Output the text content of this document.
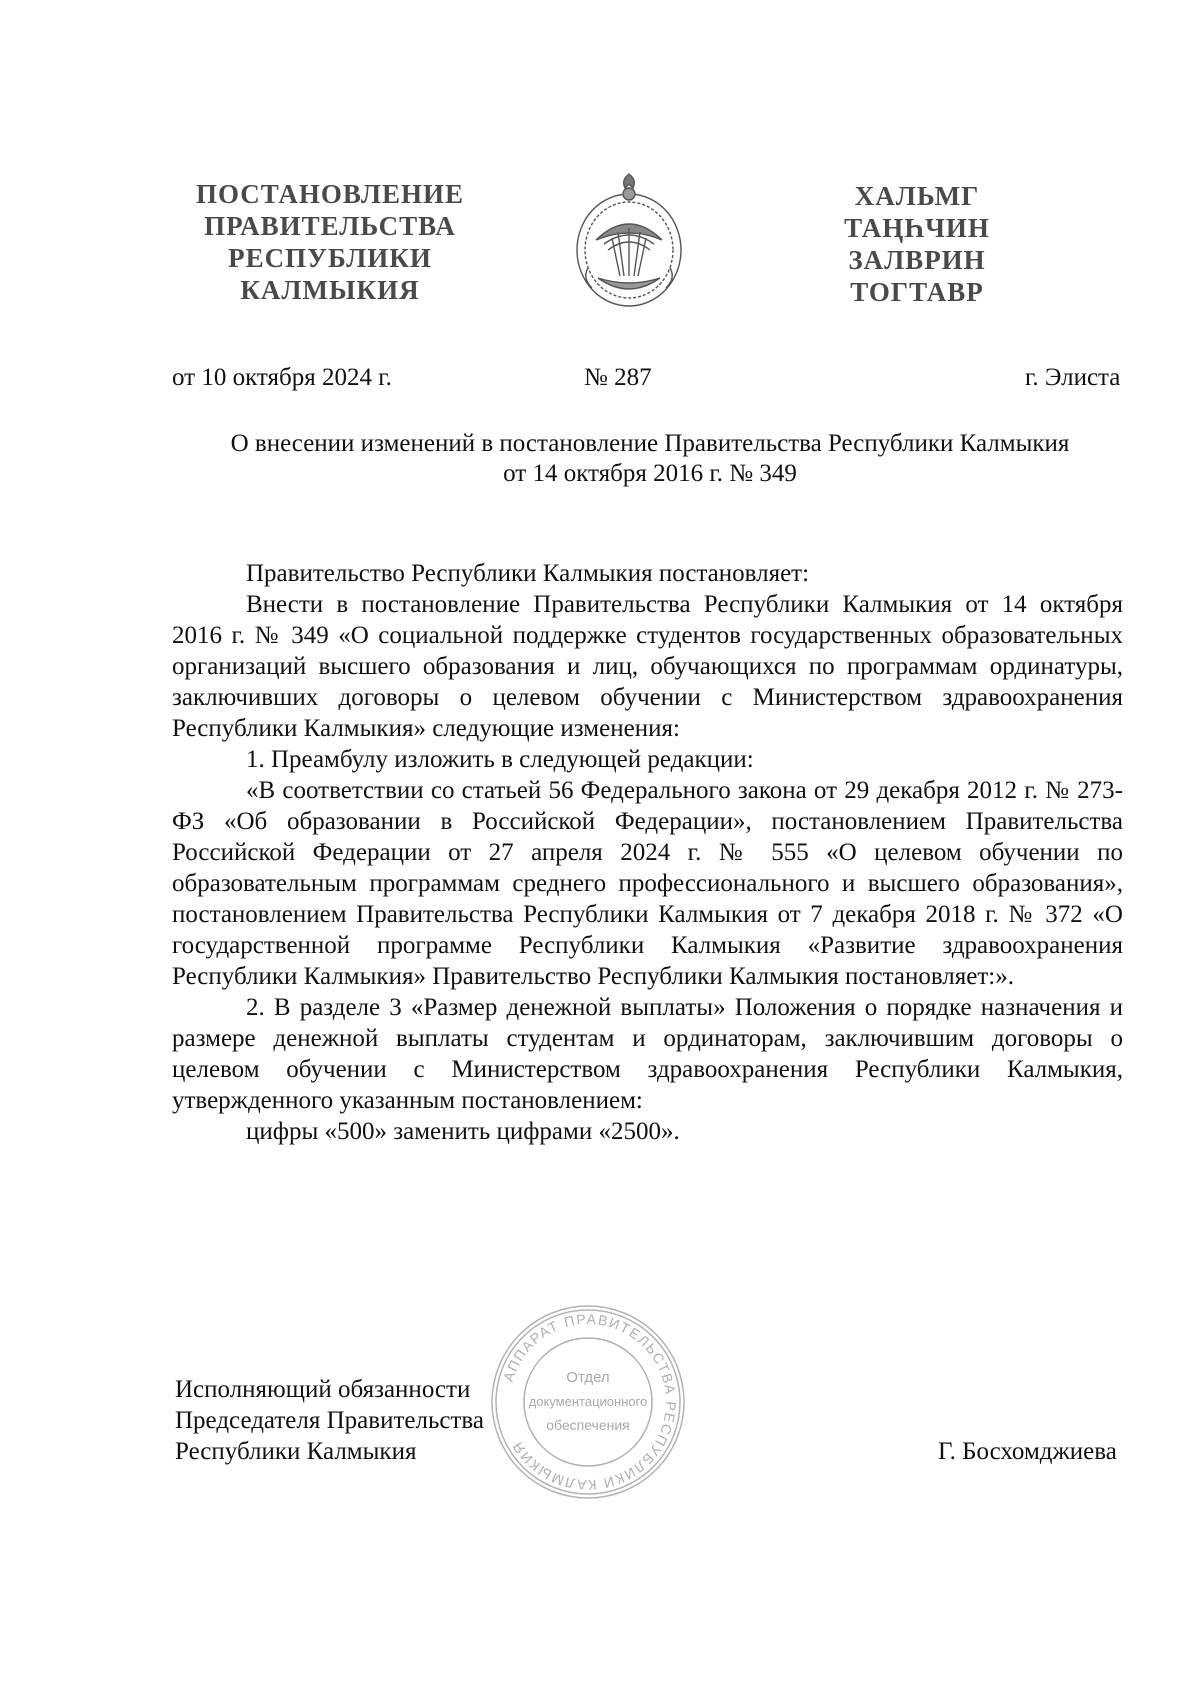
ПОСТАНОВЛЕНИЕ
ПРАВИТЕЛЬСТВА
РЕСПУБЛИКИ
КАЛМЫКИЯ
ХАЛЬМГ
ТАҢҺЧИН
ЗАЛВРИН
ТОГТАВР
от 10 октября 2024 г.	№ 287	г. Элиста
О внесении изменений в постановление Правительства Республики Калмыкия
от 14 октября 2016 г. № 349

Правительство Республики Калмыкия постановляет:

Внести в постановление Правительства Республики Калмыкия от 14 октября 2016 г. № 349 «О социальной поддержке студентов государственных образовательных организаций высшего образования и лиц, обучающихся по программам ординатуры, заключивших договоры о целевом обучении с Министерством здравоохранения Республики Калмыкия» следующие изменения:

1. Преамбулу изложить в следующей редакции:

«В соответствии со статьей 56 Федерального закона от 29 декабря 2012 г. № 273-ФЗ «Об образовании в Российской Федерации», постановлением Правительства Российской Федерации от 27 апреля 2024 г. № 555 «О целевом обучении по образовательным программам среднего профессионального и высшего образования», постановлением Правительства Республики Калмыкия от 7 декабря 2018 г. № 372 «О государственной программе Республики Калмыкия «Развитие здравоохранения Республики Калмыкия» Правительство Республики Калмыкия постановляет:».

2. В разделе 3 «Размер денежной выплаты» Положения о порядке назначения и размере денежной выплаты студентам и ординаторам, заключившим договоры о целевом обучении с Министерством здравоохранения Республики Калмыкия, утвержденного указанным постановлением:

цифры «500» заменить цифрами «2500».

Исполняющий обязанности
Председателя Правительства
Республики Калмыкия	Г. Босхомджиева
АППАРАТ ПРАВИТЕЛЬСТВА РЕСПУБЛИКИ КАЛМЫКИЯ
Отдел
документационного
обеспечения
